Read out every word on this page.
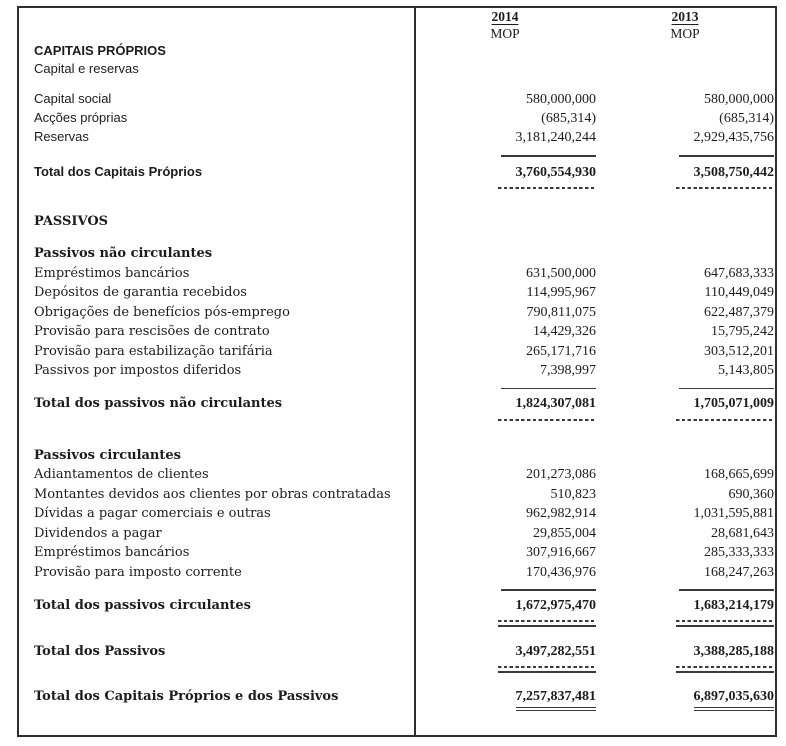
2014	2013
MOP	MOP
CAPITAIS PRÓPRIOS
Capital e reservas
Capital social	580,000,000	580,000,000
Acções próprias	(685,314)	(685,314)
Reservas	3,181,240,244	2,929,435,756
Total dos Capitais Próprios	3,760,554,930	3,508,750,442
PASSIVOS
Passivos não circulantes
Empréstimos bancários	631,500,000	647,683,333
Depósitos de garantia recebidos	114,995,967	110,449,049
Obrigações de benefícios pós-emprego	790,811,075	622,487,379
Provisão para rescisões de contrato	14,429,326	15,795,242
Provisão para estabilização tarifária	265,171,716	303,512,201
Passivos por impostos diferidos	7,398,997	5,143,805
Total dos passivos não circulantes	1,824,307,081	1,705,071,009
Passivos circulantes
Adiantamentos de clientes	201,273,086	168,665,699
Montantes devidos aos clientes por obras contratadas	510,823	690,360
Dívidas a pagar comerciais e outras	962,982,914	1,031,595,881
Dividendos a pagar	29,855,004	28,681,643
Empréstimos bancários	307,916,667	285,333,333
Provisão para imposto corrente	170,436,976	168,247,263
Total dos passivos circulantes	1,672,975,470	1,683,214,179
Total dos Passivos	3,497,282,551	3,388,285,188
Total dos Capitais Próprios e dos Passivos	7,257,837,481	6,897,035,630
